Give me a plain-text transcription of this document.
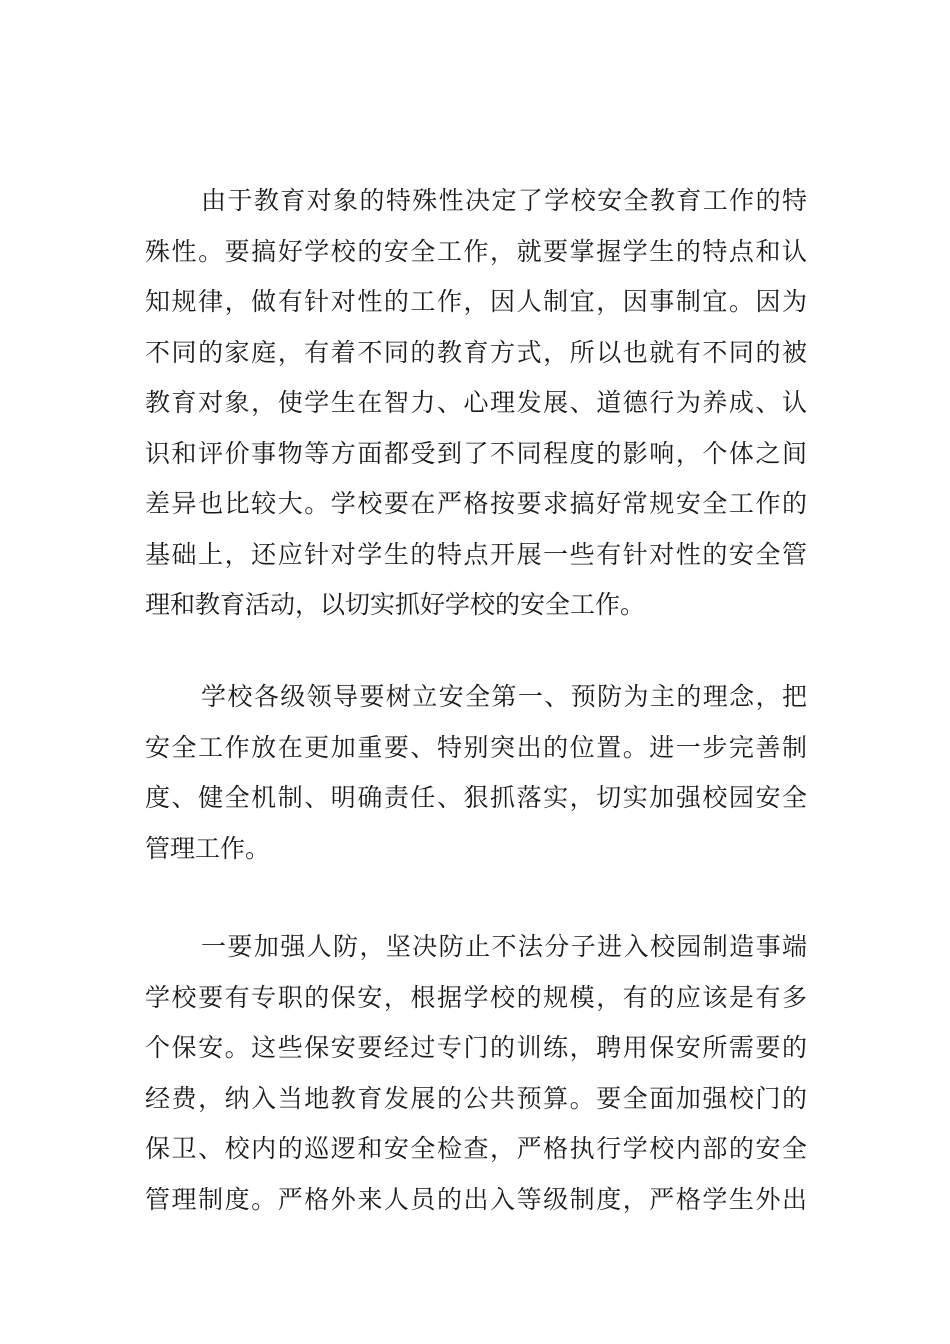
由于教育对象的特殊性决定了学校安全教育工作的特
殊性。要搞好学校的安全工作，就要掌握学生的特点和认
知规律，做有针对性的工作，因人制宜，因事制宜。因为
不同的家庭，有着不同的教育方式，所以也就有不同的被
教育对象，使学生在智力、心理发展、道德行为养成、认
识和评价事物等方面都受到了不同程度的影响，个体之间
差异也比较大。学校要在严格按要求搞好常规安全工作的
基础上，还应针对学生的特点开展一些有针对性的安全管
理和教育活动，以切实抓好学校的安全工作。
学校各级领导要树立安全第一、预防为主的理念，把
安全工作放在更加重要、特别突出的位置。进一步完善制
度、健全机制、明确责任、狠抓落实，切实加强校园安全
管理工作。
一要加强人防，坚决防止不法分子进入校园制造事端
学校要有专职的保安，根据学校的规模，有的应该是有多
个保安。这些保安要经过专门的训练，聘用保安所需要的
经费，纳入当地教育发展的公共预算。要全面加强校门的
保卫、校内的巡逻和安全检查，严格执行学校内部的安全
管理制度。严格外来人员的出入等级制度，严格学生外出
